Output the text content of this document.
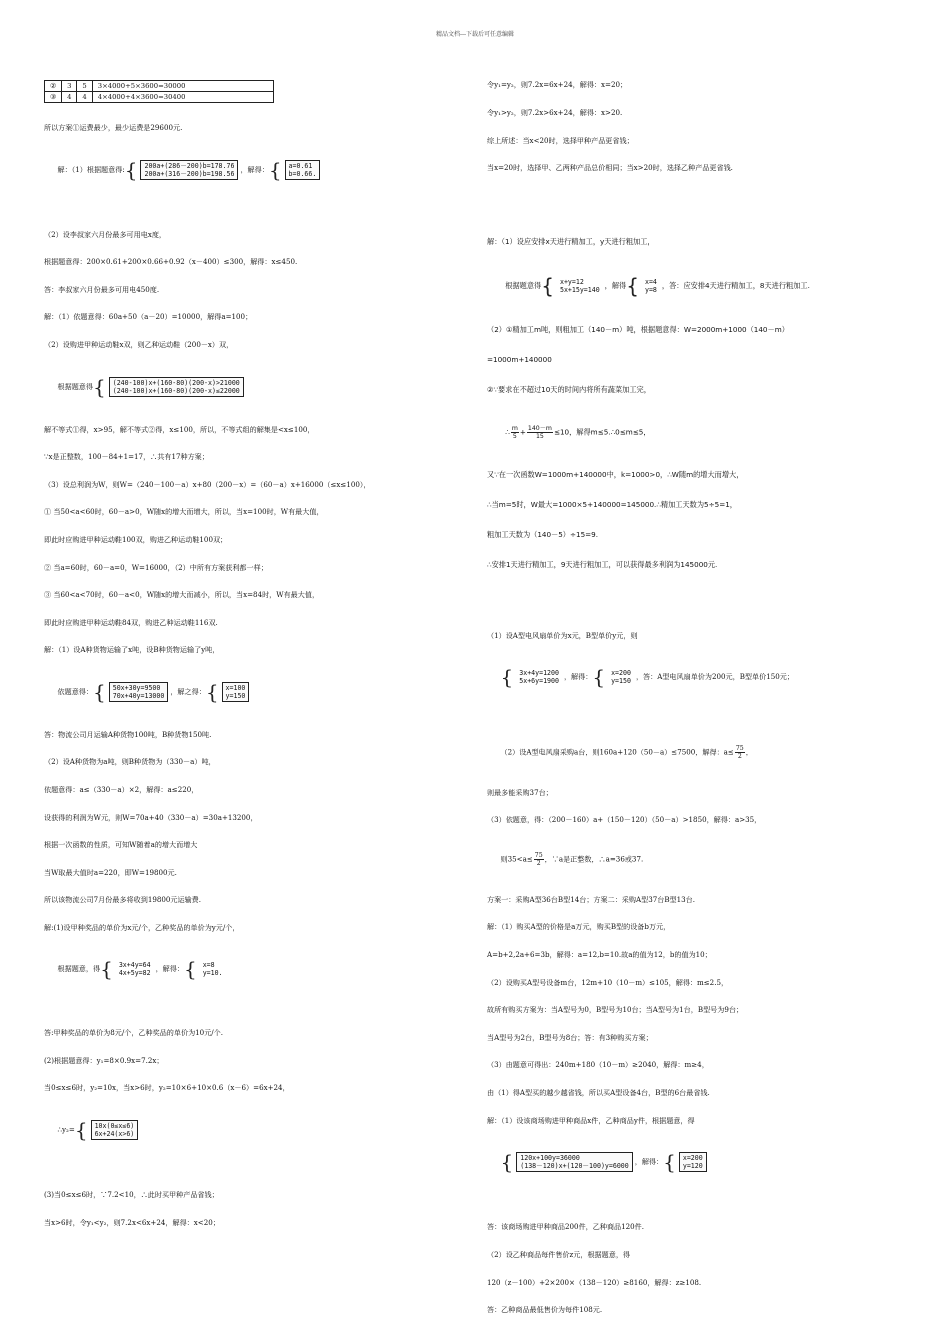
精品文档---下载后可任意编辑

②	3	5	3×4000+5×3600=30000
③	4	4	4×4000+4×3600=30400

所以方案①运费最少，最少运费是29600元.

解：（1）根据题意得:{ 200a+(286－200)b=178.76
200a+(316－200)b=198.56 ，解得：{ a=0.61
b=0.66.

（2）设李叔家六月份最多可用电x度，

根据题意得：200×0.61+200×0.66+0.92（x－400）≤300，解得：x≤450.

答：李叔家六月份最多可用电450度.

解：（1）依题意得：60a+50（a－20）=10000，解得a=100；

（2）设购进甲种运动鞋x双，则乙种运动鞋（200－x）双，

根据题意得{ (240-100)x+(160-80)(200-x)>21000
(240-100)x+(160-80)(200-x)≤22000

解不等式①得，x>95，解不等式②得，x≤100，所以，不等式组的解集是<x≤100，

∵x是正整数，100－84+1=17，∴共有17种方案；

（3）设总利润为W，则W=（240－100－a）x+80（200－x）=（60－a）x+16000（≤x≤100），

① 当50<a<60时，60－a>0，W随x的增大而增大，所以，当x=100时，W有最大值，

即此时应购进甲种运动鞋100双，购进乙种运动鞋100双；

② 当a=60时，60－a=0，W=16000，（2）中所有方案获利都一样；

③ 当60<a<70时，60－a<0，W随x的增大而减小，所以，当x=84时，W有最大值，

即此时应购进甲种运动鞋84双，购进乙种运动鞋116双.

解：（1）设A种货物运输了x吨，设B种货物运输了y吨，

依题意得：{ 50x+30y=9500
70x+40y=13000 ，解之得：{ x=100
y=150

答：物流公司月运输A种货物100吨，B种货物150吨.

（2）设A种货物为a吨，则B种货物为（330－a）吨，

依题意得：a≤（330－a）×2，解得：a≤220，

设获得的利润为W元，则W=70a+40（330－a）=30a+13200，

根据一次函数的性质，可知W随着a的增大而增大

当W取最大值时a=220，即W=19800元.

所以该物流公司7月份最多将收到19800元运输费.

解:(1)设甲种奖品的单价为x元/个，乙种奖品的单价为y元/个，

根据题意，得{ 3x+4y=64
4x+5y=82 ，解得：{ x=8
y=10.

答:甲种奖品的单价为8元/个，乙种奖品的单价为10元/个.

(2)根据题意得：y₁=8×0.9x=7.2x；

当0≤x≤6时，y₂=10x，当x>6时，y₂=10×6+10×0.6（x－6）=6x+24，

∴y₂={ 10x(0≤x≤6)
6x+24(x>6)

(3)当0≤x≤6时，∵7.2<10，∴此时买甲种产品省钱；

当x>6时，令y₁<y₂，则7.2x<6x+24，解得：x<20；

令y₁=y₂，则7.2x=6x+24，解得：x=20；

令y₁>y₂，则7.2x>6x+24，解得：x>20.

综上所述：当x<20时，选择甲种产品更省钱；

当x=20时，选择甲、乙两种产品总价相同；当x>20时，选择乙种产品更省钱.

解：（1）设应安排x天进行精加工，y天进行粗加工，

根据题意得{ x+y=12
5x+15y=140 ，解得{ x=4
y=8 ，答：应安排4天进行精加工，8天进行粗加工.

（2）①精加工m吨，则粗加工（140－m）吨，根据题意得：W=2000m+1000（140－m）

=1000m+140000

②∵要求在不超过10天的时间内将所有蔬菜加工完，

∴ $\frac{m}{5} + \frac{140-m}{15} \le 10$，解得m≤5.∴0≤m≤5，

又∵在一次函数W=1000m+140000中，k=1000>0，∴W随m的增大而增大，

∴当m=5时，W最大=1000×5+140000=145000.∴精加工天数为5÷5=1，

粗加工天数为（140－5）÷15=9.

∴安排1天进行精加工，9天进行粗加工，可以获得最多利润为145000元.

（1）设A型电风扇单价为x元，B型单价y元，则

{ 3x+4y=1200
5x+6y=1900 ，解得：{ x=200
y=150 ，答：A型电风扇单价为200元，B型单价150元；

（2）设A型电风扇采购a台，则160a+120（50－a）≤7500，解得：$a\le \frac{75}{2}$ ，

则最多能采购37台；

（3）依题意，得：（200－160）a+（150－120）（50－a）>1850，解得：a>35，

则$35<a\le \frac{75}{2}$ ，∵a是正整数，∴a=36或37.

方案一：采购A型36台B型14台；方案二：采购A型37台B型13台.

解：（1）购买A型的价格是a万元，购买B型的设备b万元，

A=b+2,2a+6=3b，解得：a=12,b=10.故a的值为12，b的值为10；

（2）设购买A型号设备m台，12m+10（10－m）≤105，解得：m≤2.5，

故所有购买方案为：当A型号为0，B型号为10台；当A型号为1台，B型号为9台；

当A型号为2台，B型号为8台；答：有3种购买方案；

（3）由题意可得出：240m+180（10－m）≥2040，解得：m≥4，

由（1）得A型买的越少越省钱，所以买A型设备4台，B型的6台最省钱.

解：（1）设该商场购进甲种商品x件，乙种商品y件，根据题意，得

{ 120x+100y=36000
(138－120)x+(120－100)y=6000 ，解得：{ x=200
y=120

答：该商场购进甲种商品200件，乙种商品120件.

（2）设乙种商品每件售价z元，根据题意，得

120（z－100）+2×200×（138－120）≥8160，解得：z≥108.

答：乙种商品最低售价为每件108元.
